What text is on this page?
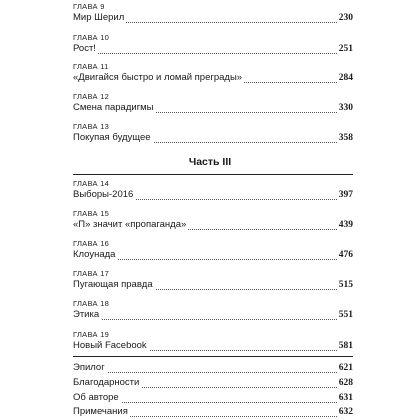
ГЛАВА 9
Мир Шерил	230
ГЛАВА 10
Рост!	251
ГЛАВА 11
«Двигайся быстро и ломай преграды»	284
ГЛАВА 12
Смена парадигмы	330
ГЛАВА 13
Покупая будущее	358
Часть III
ГЛАВА 14
Выборы-2016	397
ГЛАВА 15
«П» значит «пропаганда»	439
ГЛАВА 16
Клоунада	476
ГЛАВА 17
Пугающая правда	515
ГЛАВА 18
Этика	551
ГЛАВА 19
Новый Facebook	581
Эпилог	621
Благодарности	628
Об авторе	631
Примечания	632
